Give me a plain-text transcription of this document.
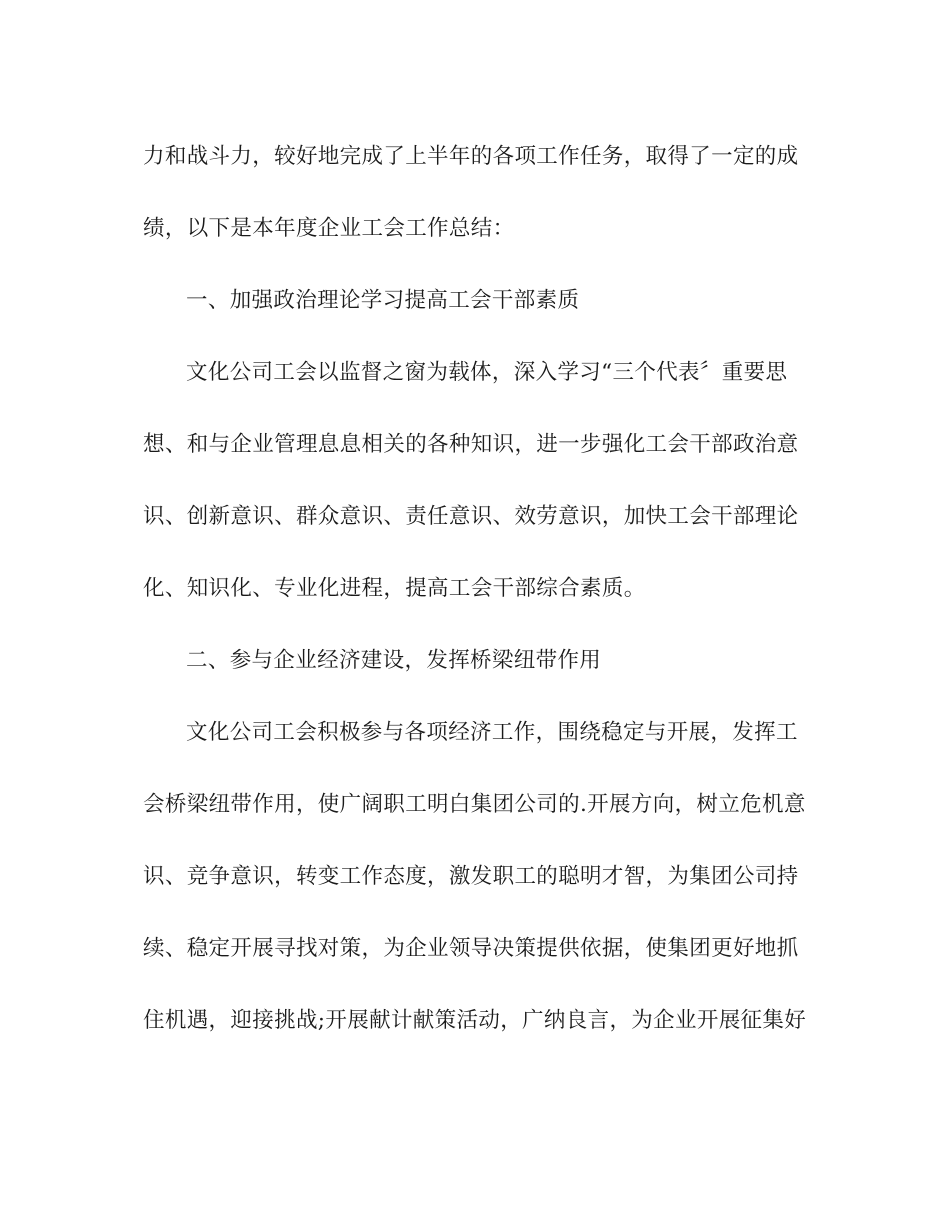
力和战斗力，较好地完成了上半年的各项工作任务，取得了一定的成
绩，以下是本年度企业工会工作总结：
一、加强政治理论学习提高工会干部素质
文化公司工会以监督之窗为载体，深入学习“三个代表〞重要思
想、和与企业管理息息相关的各种知识，进一步强化工会干部政治意
识、创新意识、群众意识、责任意识、效劳意识，加快工会干部理论
化、知识化、专业化进程，提高工会干部综合素质。
二、参与企业经济建设，发挥桥梁纽带作用
文化公司工会积极参与各项经济工作，围绕稳定与开展，发挥工
会桥梁纽带作用，使广阔职工明白集团公司的.开展方向，树立危机意
识、竞争意识，转变工作态度，激发职工的聪明才智，为集团公司持
续、稳定开展寻找对策，为企业领导决策提供依据，使集团更好地抓
住机遇，迎接挑战;开展献计献策活动，广纳良言，为企业开展征集好
